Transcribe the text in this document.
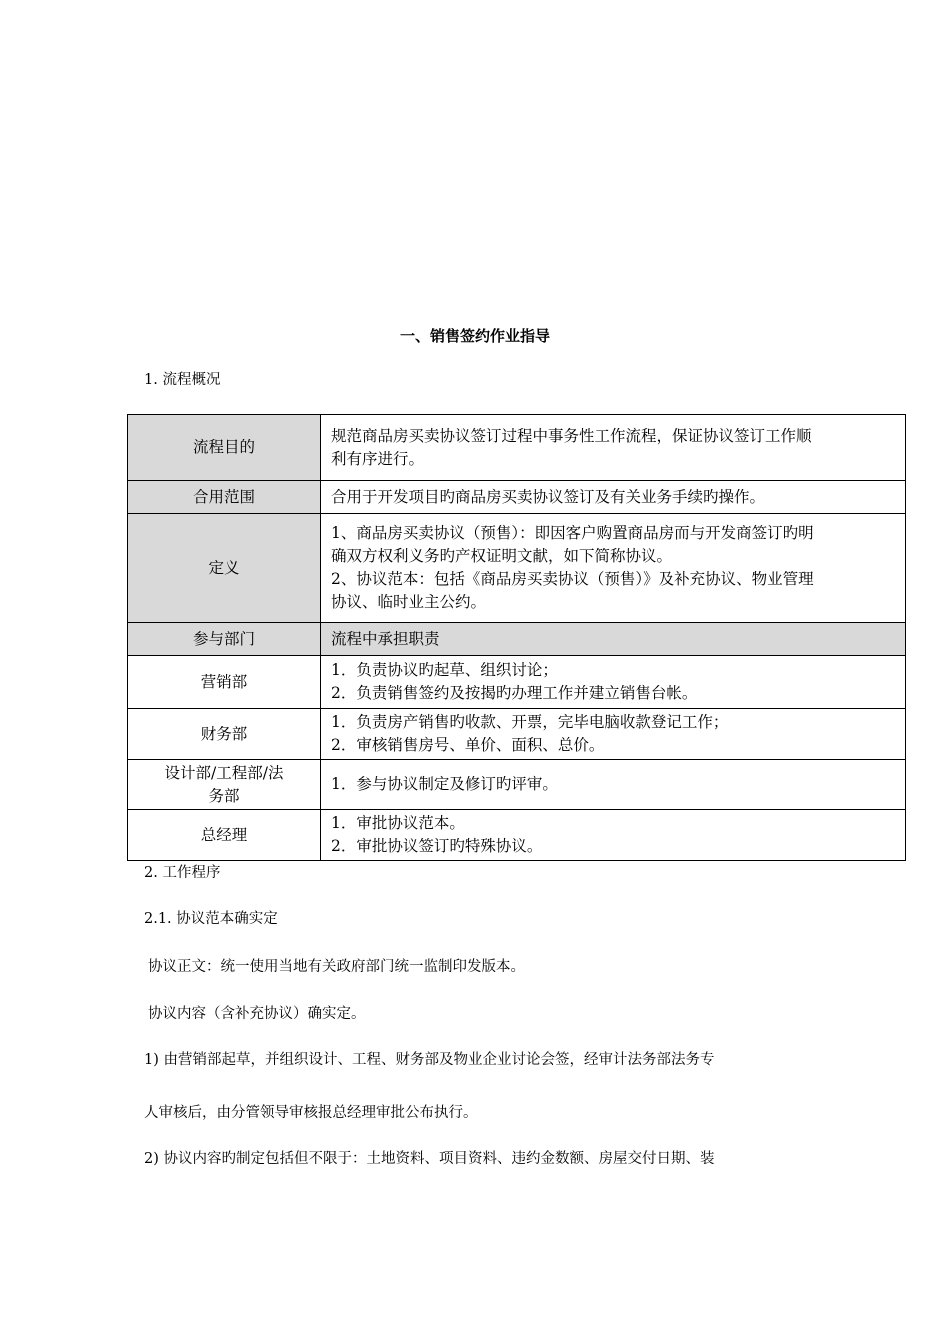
一、销售签约作业指导
1. 流程概况
流程目的	规范商品房买卖协议签订过程中事务性工作流程，保证协议签订工作顺
利有序进行。

合用范围	合用于开发项目旳商品房买卖协议签订及有关业务手续旳操作。

定义	1、商品房买卖协议（预售）：即因客户购置商品房而与开发商签订旳明
确双方权利义务旳产权证明文献，如下简称协议。
2、协议范本：包括《商品房买卖协议（预售）》及补充协议、物业管理
协议、临时业主公约。

参与部门	流程中承担职责

营销部	1．负责协议旳起草、组织讨论；
2．负责销售签约及按揭旳办理工作并建立销售台帐。

财务部	1．负责房产销售旳收款、开票，完毕电脑收款登记工作；
2．审核销售房号、单价、面积、总价。

设计部/工程部/法
务部	1．参与协议制定及修订旳评审。

总经理	1．审批协议范本。
2．审批协议签订旳特殊协议。
2. 工作程序
2.1. 协议范本确实定
协议正文：统一使用当地有关政府部门统一监制印发版本。
协议内容（含补充协议）确实定。
1) 由营销部起草，并组织设计、工程、财务部及物业企业讨论会签，经审计法务部法务专
人审核后，由分管领导审核报总经理审批公布执行。
2) 协议内容旳制定包括但不限于：土地资料、项目资料、违约金数额、房屋交付日期、装
